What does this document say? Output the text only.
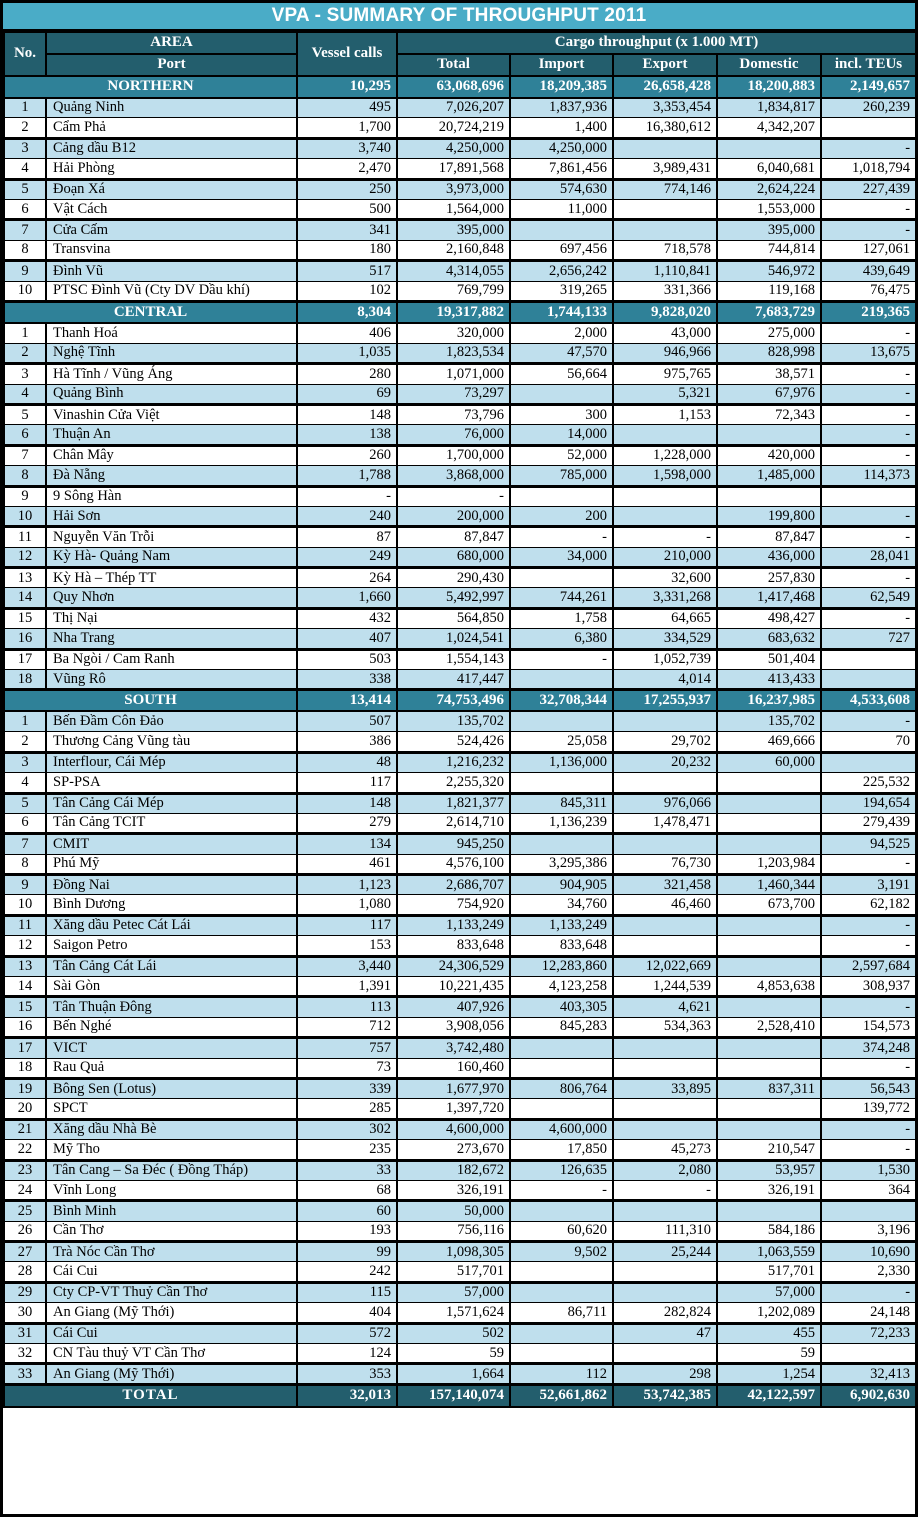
VPA - SUMMARY OF THROUGHPUT 2011
No.	AREA	Vessel calls	Cargo throughput (x 1.000 MT)				
	Port		Total	Import	Export	Domestic	incl. TEUs
NORTHERN		10,295	63,068,696	18,209,385	26,658,428	18,200,883	2,149,657
1	Quảng Ninh	495	7,026,207	1,837,936	3,353,454	1,834,817	260,239
2	Cẩm Phả	1,700	20,724,219	1,400	16,380,612	4,342,207	
3	Cảng dầu B12	3,740	4,250,000	4,250,000			-
4	Hải Phòng	2,470	17,891,568	7,861,456	3,989,431	6,040,681	1,018,794
5	Đoạn Xá	250	3,973,000	574,630	774,146	2,624,224	227,439
6	Vật Cách	500	1,564,000	11,000		1,553,000	-
7	Cửa Cấm	341	395,000			395,000	-
8	Transvina	180	2,160,848	697,456	718,578	744,814	127,061
9	Đình Vũ	517	4,314,055	2,656,242	1,110,841	546,972	439,649
10	PTSC Đình Vũ (Cty DV Dầu khí)	102	769,799	319,265	331,366	119,168	76,475
CENTRAL		8,304	19,317,882	1,744,133	9,828,020	7,683,729	219,365
1	Thanh Hoá	406	320,000	2,000	43,000	275,000	-
2	Nghệ Tĩnh	1,035	1,823,534	47,570	946,966	828,998	13,675
3	Hà Tĩnh / Vũng Áng	280	1,071,000	56,664	975,765	38,571	-
4	Quảng Bình	69	73,297		5,321	67,976	-
5	Vinashin Cửa Việt	148	73,796	300	1,153	72,343	-
6	Thuận An	138	76,000	14,000			-
7	Chân Mây	260	1,700,000	52,000	1,228,000	420,000	-
8	Đà Nẵng	1,788	3,868,000	785,000	1,598,000	1,485,000	114,373
9	9 Sông Hàn	-	-				
10	Hải Sơn	240	200,000	200		199,800	-
11	Nguyễn Văn Trỗi	87	87,847	-	-	87,847	-
12	Kỳ Hà- Quảng Nam	249	680,000	34,000	210,000	436,000	28,041
13	Kỳ Hà – Thép TT	264	290,430		32,600	257,830	-
14	Quy Nhơn	1,660	5,492,997	744,261	3,331,268	1,417,468	62,549
15	Thị Nại	432	564,850	1,758	64,665	498,427	-
16	Nha Trang	407	1,024,541	6,380	334,529	683,632	727
17	Ba Ngòi / Cam Ranh	503	1,554,143	-	1,052,739	501,404	
18	Vũng Rô	338	417,447		4,014	413,433	
SOUTH		13,414	74,753,496	32,708,344	17,255,937	16,237,985	4,533,608
1	Bến Đầm Côn Đảo	507	135,702			135,702	-
2	Thương Cảng Vũng tàu	386	524,426	25,058	29,702	469,666	70
3	Interflour, Cái Mép	48	1,216,232	1,136,000	20,232	60,000	
4	SP-PSA	117	2,255,320				225,532
5	Tân Cảng Cái Mép	148	1,821,377	845,311	976,066		194,654
6	Tân Cảng TCIT	279	2,614,710	1,136,239	1,478,471		279,439
7	CMIT	134	945,250				94,525
8	Phú Mỹ	461	4,576,100	3,295,386	76,730	1,203,984	-
9	Đồng Nai	1,123	2,686,707	904,905	321,458	1,460,344	3,191
10	Bình Dương	1,080	754,920	34,760	46,460	673,700	62,182
11	Xăng dầu Petec Cát Lái	117	1,133,249	1,133,249			-
12	Saigon Petro	153	833,648	833,648			-
13	Tân Cảng Cát Lái	3,440	24,306,529	12,283,860	12,022,669		2,597,684
14	Sài Gòn	1,391	10,221,435	4,123,258	1,244,539	4,853,638	308,937
15	Tân Thuận Đông	113	407,926	403,305	4,621		-
16	Bến Nghé	712	3,908,056	845,283	534,363	2,528,410	154,573
17	VICT	757	3,742,480				374,248
18	Rau Quả	73	160,460				-
19	Bông Sen (Lotus)	339	1,677,970	806,764	33,895	837,311	56,543
20	SPCT	285	1,397,720				139,772
21	Xăng dầu Nhà Bè	302	4,600,000	4,600,000			-
22	Mỹ Tho	235	273,670	17,850	45,273	210,547	-
23	Tân Cang – Sa Đéc ( Đồng Tháp)	33	182,672	126,635	2,080	53,957	1,530
24	Vĩnh Long	68	326,191	-	-	326,191	364
25	Bình Minh	60	50,000				
26	Cần Thơ	193	756,116	60,620	111,310	584,186	3,196
27	Trà Nóc Cần Thơ	99	1,098,305	9,502	25,244	1,063,559	10,690
28	Cái Cui	242	517,701			517,701	2,330
29	Cty CP-VT Thuỷ Cần Thơ	115	57,000			57,000	-
30	An Giang (Mỹ Thới)	404	1,571,624	86,711	282,824	1,202,089	24,148
31	Cái Cui	572	502		47	455	72,233
32	CN Tàu thuỷ VT Cần Thơ	124	59			59	
33	An Giang (Mỹ Thới)	353	1,664	112	298	1,254	32,413
TOTAL		32,013	157,140,074	52,661,862	53,742,385	42,122,597	6,902,630
